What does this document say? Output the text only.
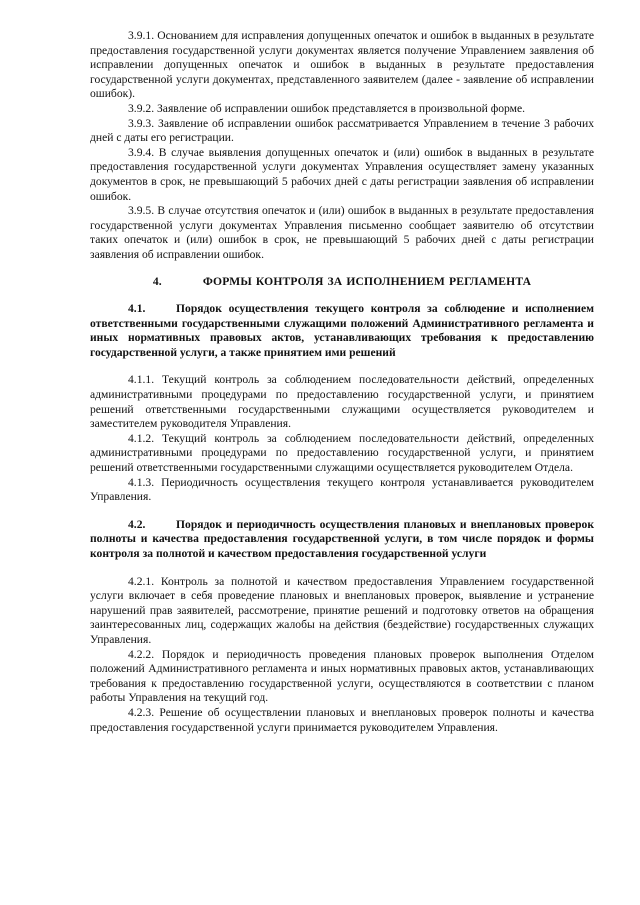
3.9.1. Основанием для исправления допущенных опечаток и ошибок в выданных в результате предоставления государственной услуги документах является получение Управлением заявления об исправлении допущенных опечаток и ошибок в выданных в результате предоставления государственной услуги документах, представленного заявителем (далее - заявление об исправлении ошибок).

3.9.2. Заявление об исправлении ошибок представляется в произвольной форме.

3.9.3. Заявление об исправлении ошибок рассматривается Управлением в течение 3 рабочих дней с даты его регистрации.

3.9.4. В случае выявления допущенных опечаток и (или) ошибок в выданных в результате предоставления государственной услуги документах Управления осуществляет замену указанных документов в срок, не превышающий 5 рабочих дней с даты регистрации заявления об исправлении ошибок.

3.9.5. В случае отсутствия опечаток и (или) ошибок в выданных в результате предоставления государственной услуги документах Управления письменно сообщает заявителю об отсутствии таких опечаток и (или) ошибок в срок, не превышающий 5 рабочих дней с даты регистрации заявления об исправлении ошибок.

4.	ФОРМЫ КОНТРОЛЯ ЗА ИСПОЛНЕНИЕМ РЕГЛАМЕНТА

4.1.	Порядок осуществления текущего контроля за соблюдение и исполнением ответственными государственными служащими положений Административного регламента и иных нормативных правовых актов, устанавливающих требования к предоставлению государственной услуги, а также принятием ими решений

4.1.1. Текущий контроль за соблюдением последовательности действий, определенных административными процедурами по предоставлению государственной услуги, и принятием решений ответственными государственными служащими осуществляется руководителем и заместителем руководителя Управления.

4.1.2. Текущий контроль за соблюдением последовательности действий, определенных административными процедурами по предоставлению государственной услуги, и принятием решений ответственными государственными служащими осуществляется руководителем Отдела.

4.1.3. Периодичность осуществления текущего контроля устанавливается руководителем Управления.

4.2.	Порядок и периодичность осуществления плановых и внеплановых проверок полноты и качества предоставления государственной услуги, в том числе порядок и формы контроля за полнотой и качеством предоставления государственной услуги

4.2.1. Контроль за полнотой и качеством предоставления Управлением государственной услуги включает в себя проведение плановых и внеплановых проверок, выявление и устранение нарушений прав заявителей, рассмотрение, принятие решений и подготовку ответов на обращения заинтересованных лиц, содержащих жалобы на действия (бездействие) государственных служащих Управления.

4.2.2. Порядок и периодичность проведения плановых проверок выполнения Отделом положений Административного регламента и иных нормативных правовых актов, устанавливающих требования к предоставлению государственной услуги, осуществляются в соответствии с планом работы Управления на текущий год.

4.2.3. Решение об осуществлении плановых и внеплановых проверок полноты и качества предоставления государственной услуги принимается руководителем Управления.
